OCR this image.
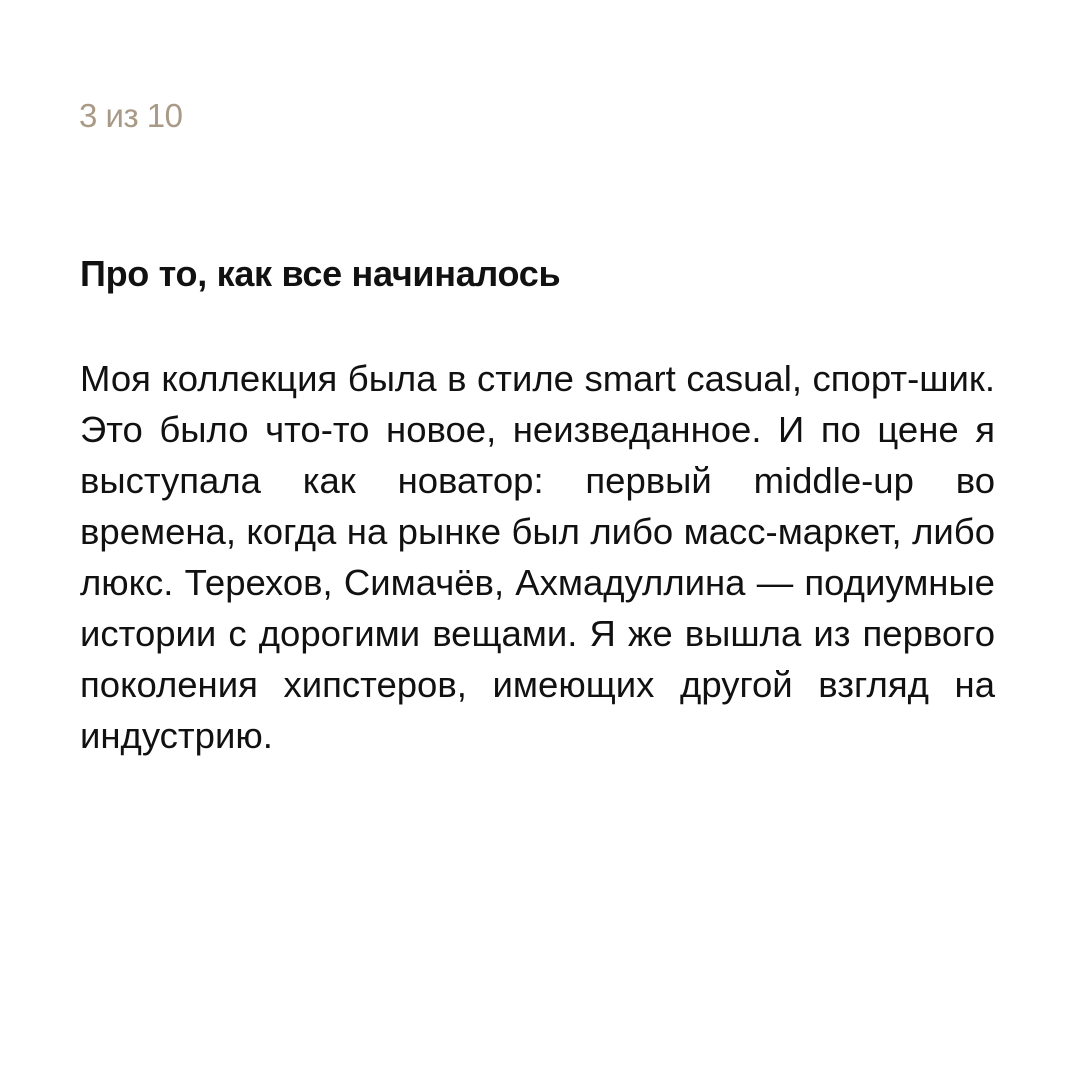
3 из 10
Про то, как все начиналось

Моя коллекция была в стиле smart casual, спорт-шик. Это было что-то новое, неизведанное. И по цене я выступала как новатор: первый middle-up во времена, когда на рынке был либо масс-маркет, либо люкс. Терехов, Симачёв, Ахмадуллина — подиумные истории с дорогими вещами. Я же вышла из первого поколения хипстеров, имеющих другой взгляд на индустрию.
